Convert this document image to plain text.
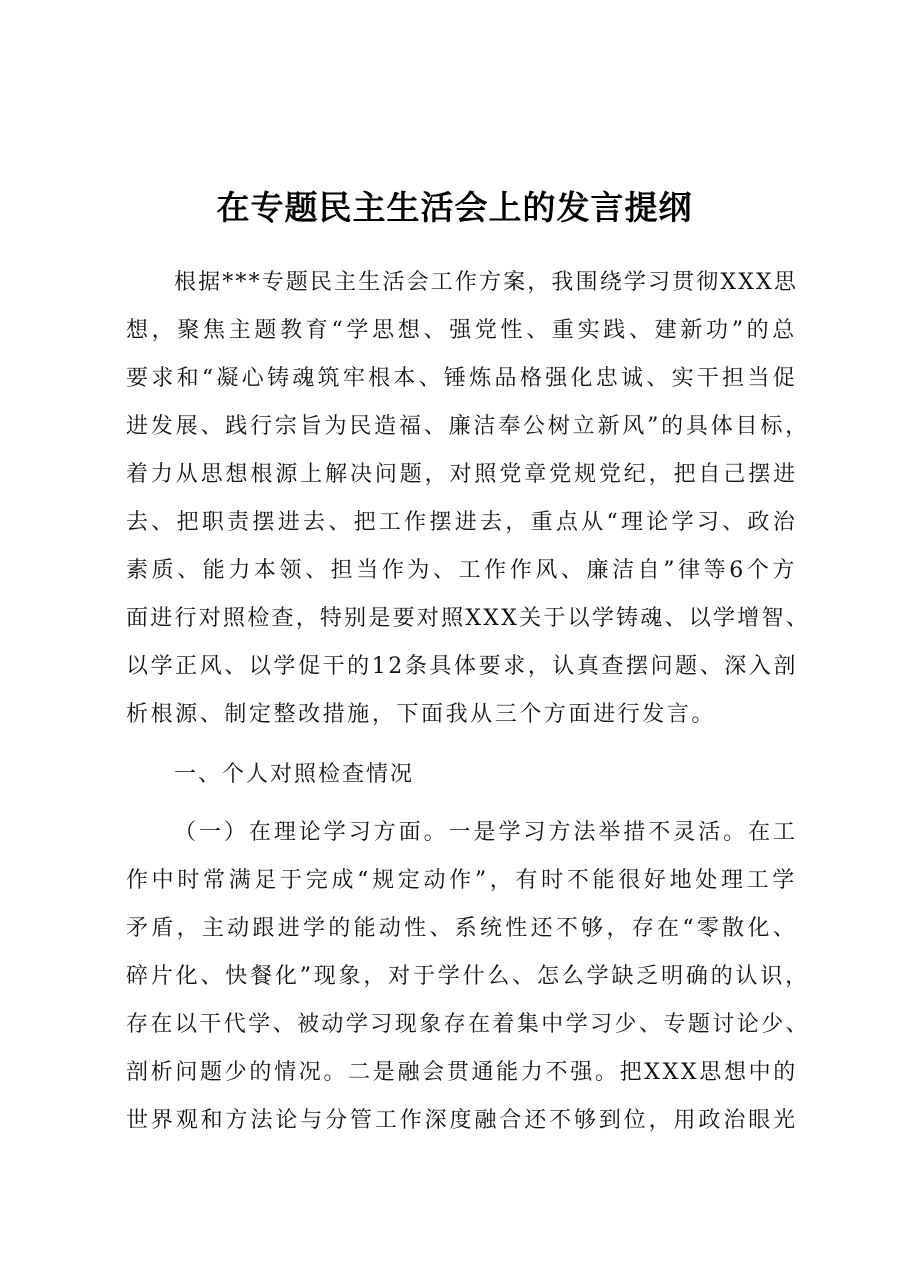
在专题民主生活会上的发言提纲
根据***专题民主生活会工作方案，我围绕学习贯彻XXX思
想，聚焦主题教育“学思想、强党性、重实践、建新功”的总
要求和“凝心铸魂筑牢根本、锤炼品格强化忠诚、实干担当促
进发展、践行宗旨为民造福、廉洁奉公树立新风”的具体目标，
着力从思想根源上解决问题，对照党章党规党纪，把自己摆进
去、把职责摆进去、把工作摆进去，重点从“理论学习、政治
素质、能力本领、担当作为、工作作风、廉洁自”律等6个方
面进行对照检查，特别是要对照XXX关于以学铸魂、以学增智、
以学正风、以学促干的12条具体要求，认真查摆问题、深入剖
析根源、制定整改措施，下面我从三个方面进行发言。
一、个人对照检查情况
（一）在理论学习方面。一是学习方法举措不灵活。在工
作中时常满足于完成“规定动作”，有时不能很好地处理工学
矛盾，主动跟进学的能动性、系统性还不够，存在“零散化、
碎片化、快餐化”现象，对于学什么、怎么学缺乏明确的认识，
存在以干代学、被动学习现象存在着集中学习少、专题讨论少、
剖析问题少的情况。二是融会贯通能力不强。把XXX思想中的
世界观和方法论与分管工作深度融合还不够到位，用政治眼光
